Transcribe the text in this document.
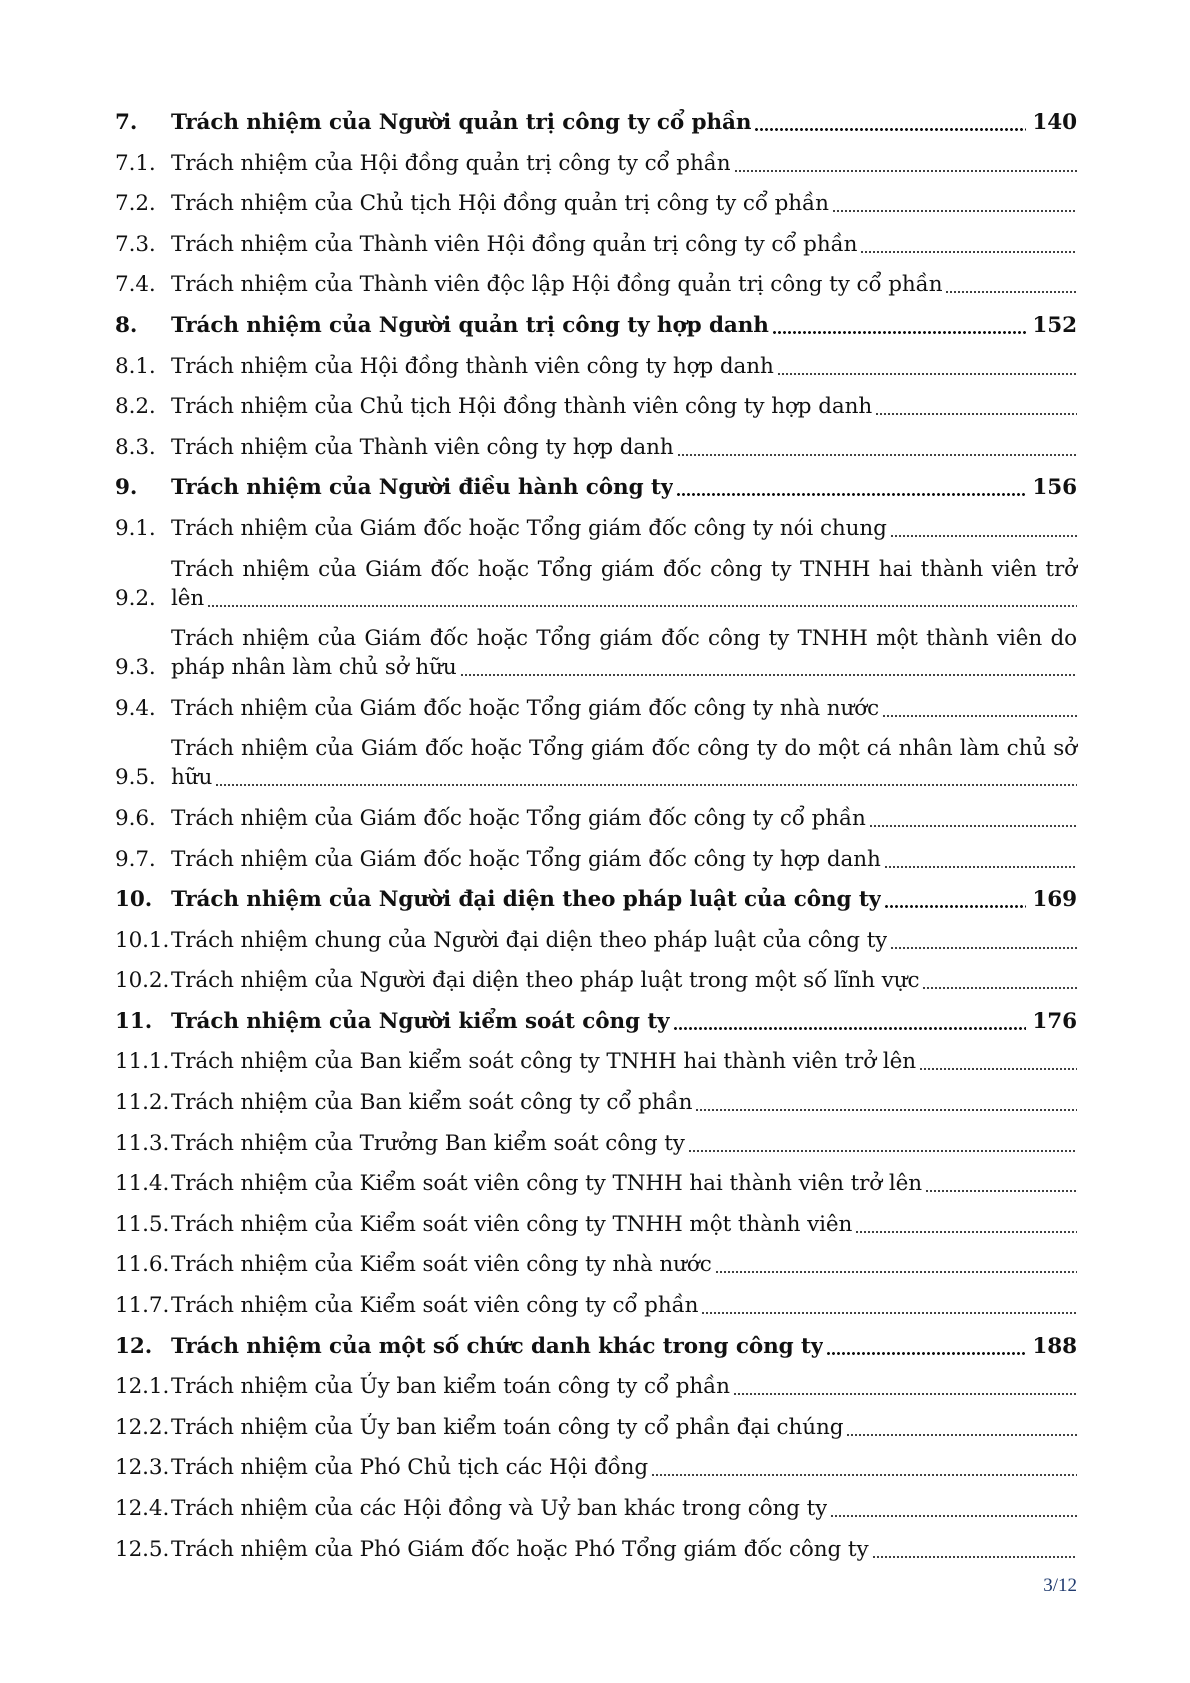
7.	Trách nhiệm của Người quản trị công ty cổ phần	140
7.1. Trách nhiệm của Hội đồng quản trị công ty cổ phần
7.2. Trách nhiệm của Chủ tịch Hội đồng quản trị công ty cổ phần
7.3. Trách nhiệm của Thành viên Hội đồng quản trị công ty cổ phần
7.4. Trách nhiệm của Thành viên độc lập Hội đồng quản trị công ty cổ phần
8.	Trách nhiệm của Người quản trị công ty hợp danh	152
8.1. Trách nhiệm của Hội đồng thành viên công ty hợp danh
8.2. Trách nhiệm của Chủ tịch Hội đồng thành viên công ty hợp danh
8.3. Trách nhiệm của Thành viên công ty hợp danh
9.	Trách nhiệm của Người điều hành công ty	156
9.1. Trách nhiệm của Giám đốc hoặc Tổng giám đốc công ty nói chung
9.2.
Trách nhiệm của Giám đốc hoặc Tổng giám đốc công ty TNHH hai thành viên trở
lên
9.3.
Trách nhiệm của Giám đốc hoặc Tổng giám đốc công ty TNHH một thành viên do
pháp nhân làm chủ sở hữu
9.4. Trách nhiệm của Giám đốc hoặc Tổng giám đốc công ty nhà nước
9.5.
Trách nhiệm của Giám đốc hoặc Tổng giám đốc công ty do một cá nhân làm chủ sở
hữu
9.6. Trách nhiệm của Giám đốc hoặc Tổng giám đốc công ty cổ phần
9.7. Trách nhiệm của Giám đốc hoặc Tổng giám đốc công ty hợp danh
10. Trách nhiệm của Người đại diện theo pháp luật của công ty	169
10.1. Trách nhiệm chung của Người đại diện theo pháp luật của công ty
10.2. Trách nhiệm của Người đại diện theo pháp luật trong một số lĩnh vực
11. Trách nhiệm của Người kiểm soát công ty	176
11.1. Trách nhiệm của Ban kiểm soát công ty TNHH hai thành viên trở lên
11.2. Trách nhiệm của Ban kiểm soát công ty cổ phần
11.3. Trách nhiệm của Trưởng Ban kiểm soát công ty
11.4. Trách nhiệm của Kiểm soát viên công ty TNHH hai thành viên trở lên
11.5. Trách nhiệm của Kiểm soát viên công ty TNHH một thành viên
11.6. Trách nhiệm của Kiểm soát viên công ty nhà nước
11.7. Trách nhiệm của Kiểm soát viên công ty cổ phần
12. Trách nhiệm của một số chức danh khác trong công ty	188
12.1. Trách nhiệm của Ủy ban kiểm toán công ty cổ phần
12.2. Trách nhiệm của Ủy ban kiểm toán công ty cổ phần đại chúng
12.3. Trách nhiệm của Phó Chủ tịch các Hội đồng
12.4. Trách nhiệm của các Hội đồng và Uỷ ban khác trong công ty
12.5. Trách nhiệm của Phó Giám đốc hoặc Phó Tổng giám đốc công ty
3/12
